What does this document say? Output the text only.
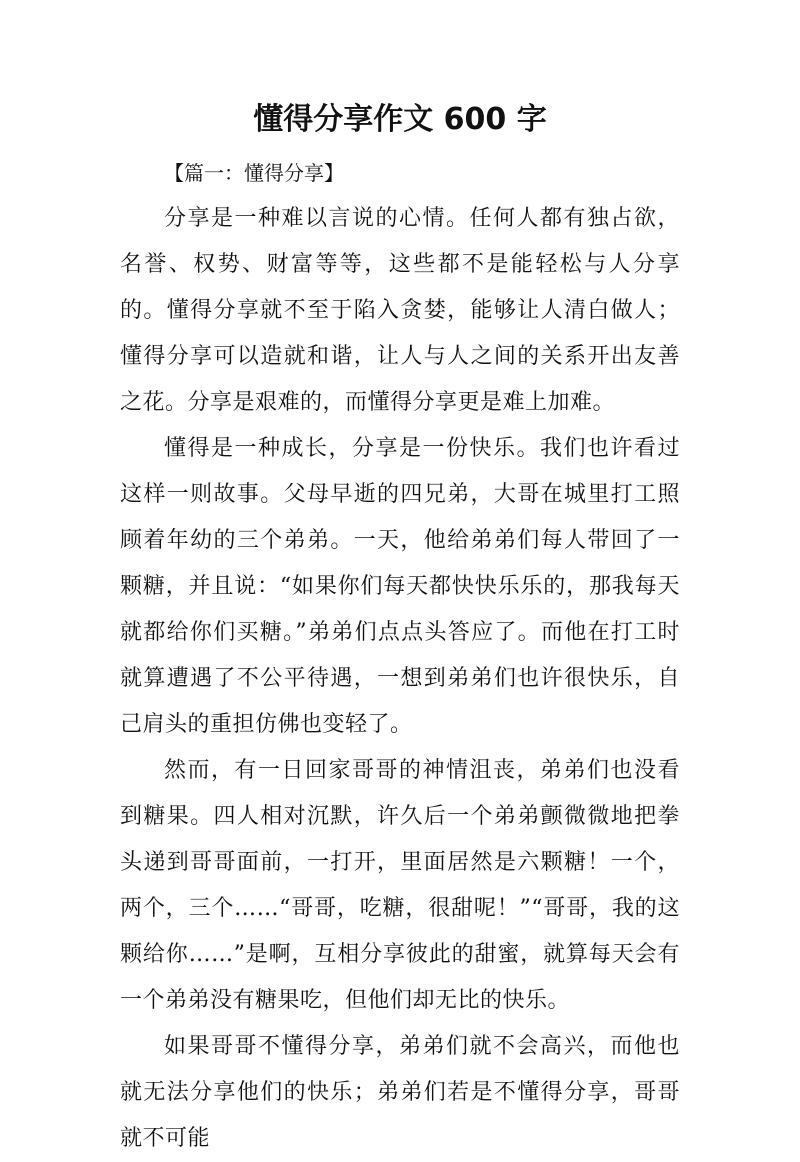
懂得分享作文 600 字

【篇一：懂得分享】

分享是一种难以言说的心情。任何人都有独占欲，名誉、权势、财富等等，这些都不是能轻松与人分享的。懂得分享就不至于陷入贪婪，能够让人清白做人；懂得分享可以造就和谐，让人与人之间的关系开出友善之花。分享是艰难的，而懂得分享更是难上加难。

懂得是一种成长，分享是一份快乐。我们也许看过这样一则故事。父母早逝的四兄弟，大哥在城里打工照顾着年幼的三个弟弟。一天，他给弟弟们每人带回了一颗糖，并且说：“如果你们每天都快快乐乐的，那我每天就都给你们买糖。”弟弟们点点头答应了。而他在打工时就算遭遇了不公平待遇，一想到弟弟们也许很快乐，自己肩头的重担仿佛也变轻了。

然而，有一日回家哥哥的神情沮丧，弟弟们也没看到糖果。四人相对沉默，许久后一个弟弟颤微微地把拳头递到哥哥面前，一打开，里面居然是六颗糖！一个，两个，三个……“哥哥，吃糖，很甜呢！”“哥哥，我的这颗给你……”是啊，互相分享彼此的甜蜜，就算每天会有一个弟弟没有糖果吃，但他们却无比的快乐。

如果哥哥不懂得分享，弟弟们就不会高兴，而他也就无法分享他们的快乐；弟弟们若是不懂得分享，哥哥就不可能
